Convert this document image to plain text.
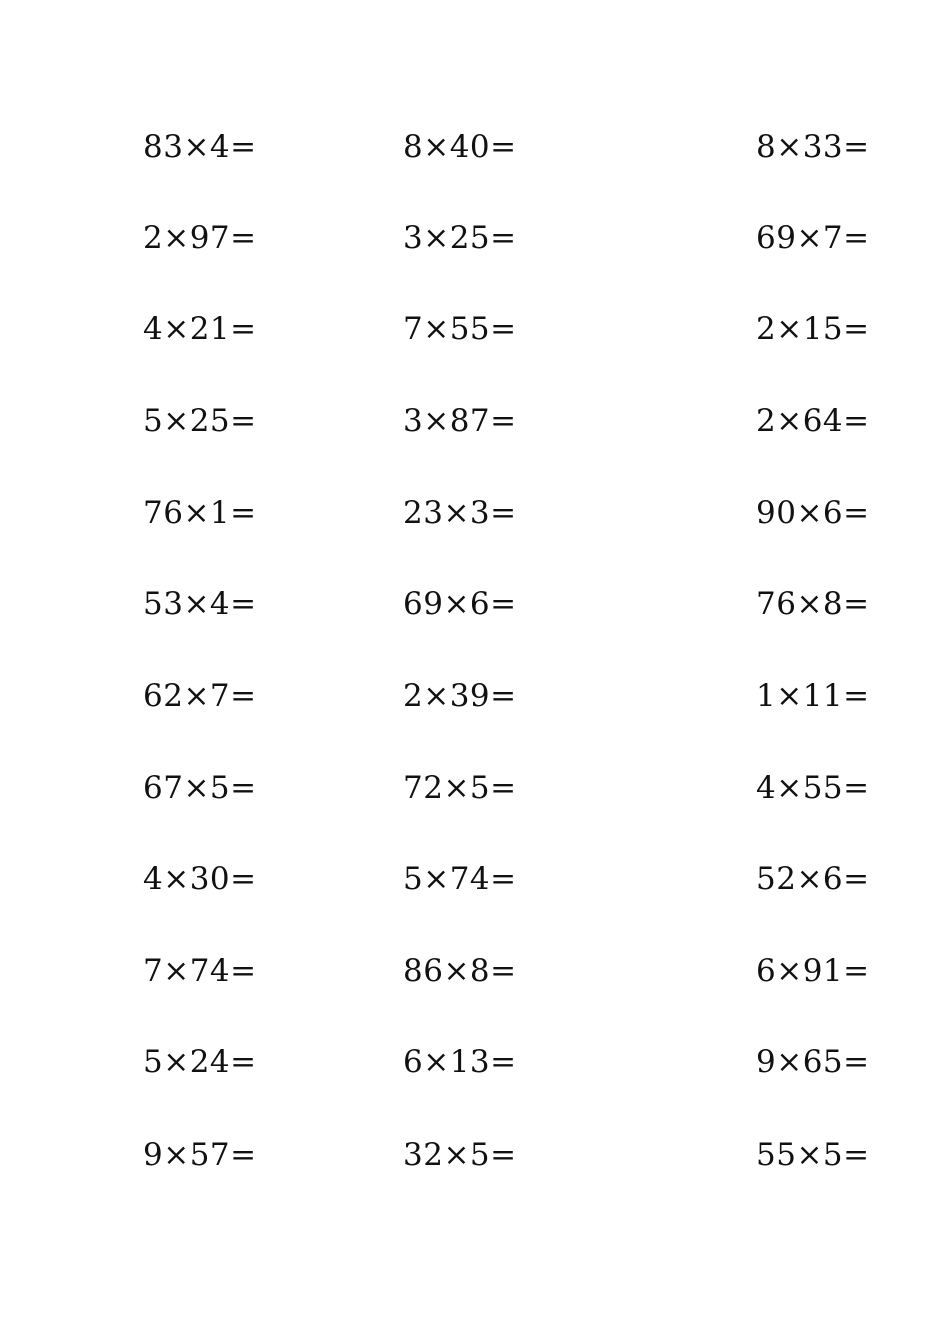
83×4=	8×40=	8×33=
2×97=	3×25=	69×7=
4×21=	7×55=	2×15=
5×25=	3×87=	2×64=
76×1=	23×3=	90×6=
53×4=	69×6=	76×8=
62×7=	2×39=	1×11=
67×5=	72×5=	4×55=
4×30=	5×74=	52×6=
7×74=	86×8=	6×91=
5×24=	6×13=	9×65=
9×57=	32×5=	55×5=
